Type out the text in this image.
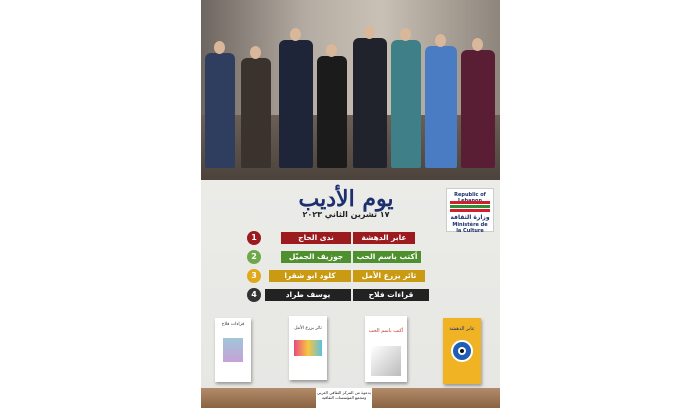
يوم الأديب
١٧ تشرين الثاني ٢٠٢٣
Republic of
وزارة الثقافة
Ministère de la Culture
1	ندى الحاج	عابر الدهشة
2	جوزيف الجميّل	أكتب باسم الحب
3	كلود ابو شقرا	ثائر يزرع الأمل
4	يوسف طراد	قراءات فلاح
قراءات فلاح
ثائر يزرع الأمل	أكتب باسم الحب	عابر الدهشة
بدعوة من المركز الثقافي العربي ومجمع المؤسسات الثقافية
